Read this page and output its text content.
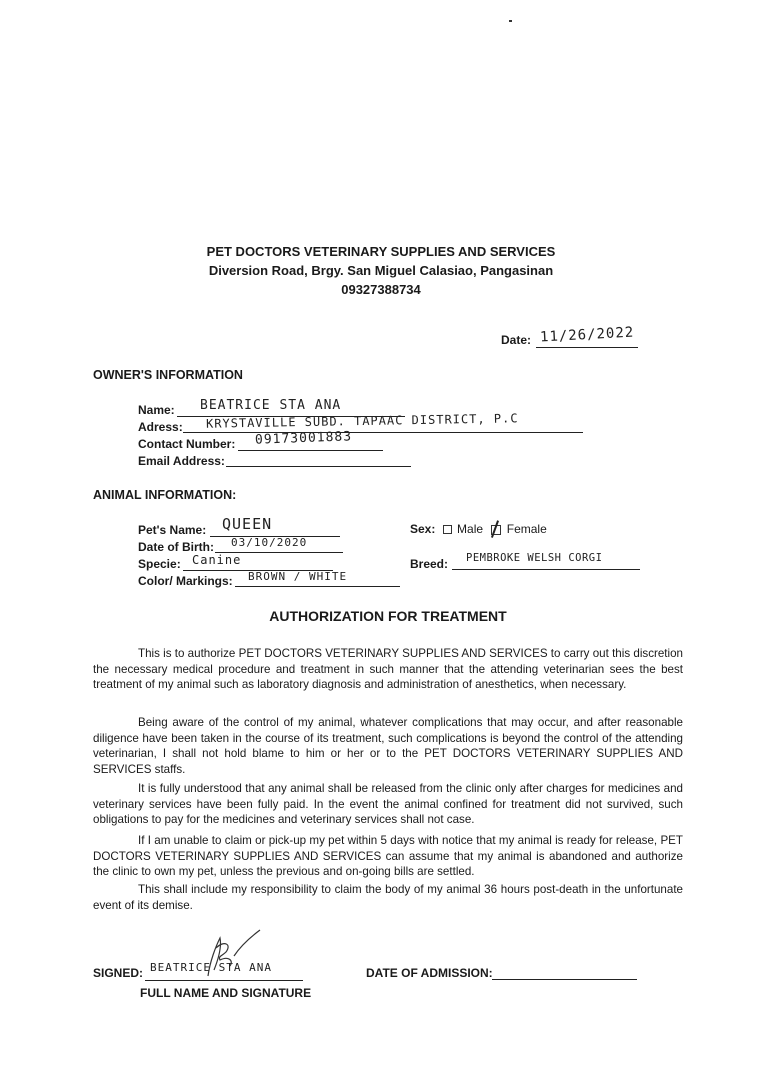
PET DOCTORS VETERINARY SUPPLIES AND SERVICES
Diversion Road, Brgy. San Miguel Calasiao, Pangasinan
09327388734
Date: 11/26/2022
OWNER'S INFORMATION
Name: BEATRICE STA ANA
Adress: KRYSTAVILLE SUBD. TAPAAC DISTRICT, P.C
Contact Number: 09173001883
Email Address:
ANIMAL INFORMATION:
Pet's Name: QUEEN
Date of Birth: 03/10/2020
Specie: Canine
Color/ Markings: BROWN / WHITE
Sex: Male Female
Breed: PEMBROKE WELSH CORGI
AUTHORIZATION FOR TREATMENT
This is to authorize PET DOCTORS VETERINARY SUPPLIES AND SERVICES to carry out this discretion the necessary medical procedure and treatment in such manner that the attending veterinarian sees the best treatment of my animal such as laboratory diagnosis and administration of anesthetics, when necessary.
Being aware of the control of my animal, whatever complications that may occur, and after reasonable diligence have been taken in the course of its treatment, such complications is beyond the control of the attending veterinarian, I shall not hold blame to him or her or to the PET DOCTORS VETERINARY SUPPLIES AND SERVICES staffs.
It is fully understood that any animal shall be released from the clinic only after charges for medicines and veterinary services have been fully paid. In the event the animal confined for treatment did not survived, such obligations to pay for the medicines and veterinary services shall not case.
If I am unable to claim or pick-up my pet within 5 days with notice that my animal is ready for release, PET DOCTORS VETERINARY SUPPLIES AND SERVICES can assume that my animal is abandoned and authorize the clinic to own my pet, unless the previous and on-going bills are settled.
This shall include my responsibility to claim the body of my animal 36 hours post-death in the unfortunate event of its demise.
SIGNED: BEATRICE STA ANA
FULL NAME AND SIGNATURE
DATE OF ADMISSION:
